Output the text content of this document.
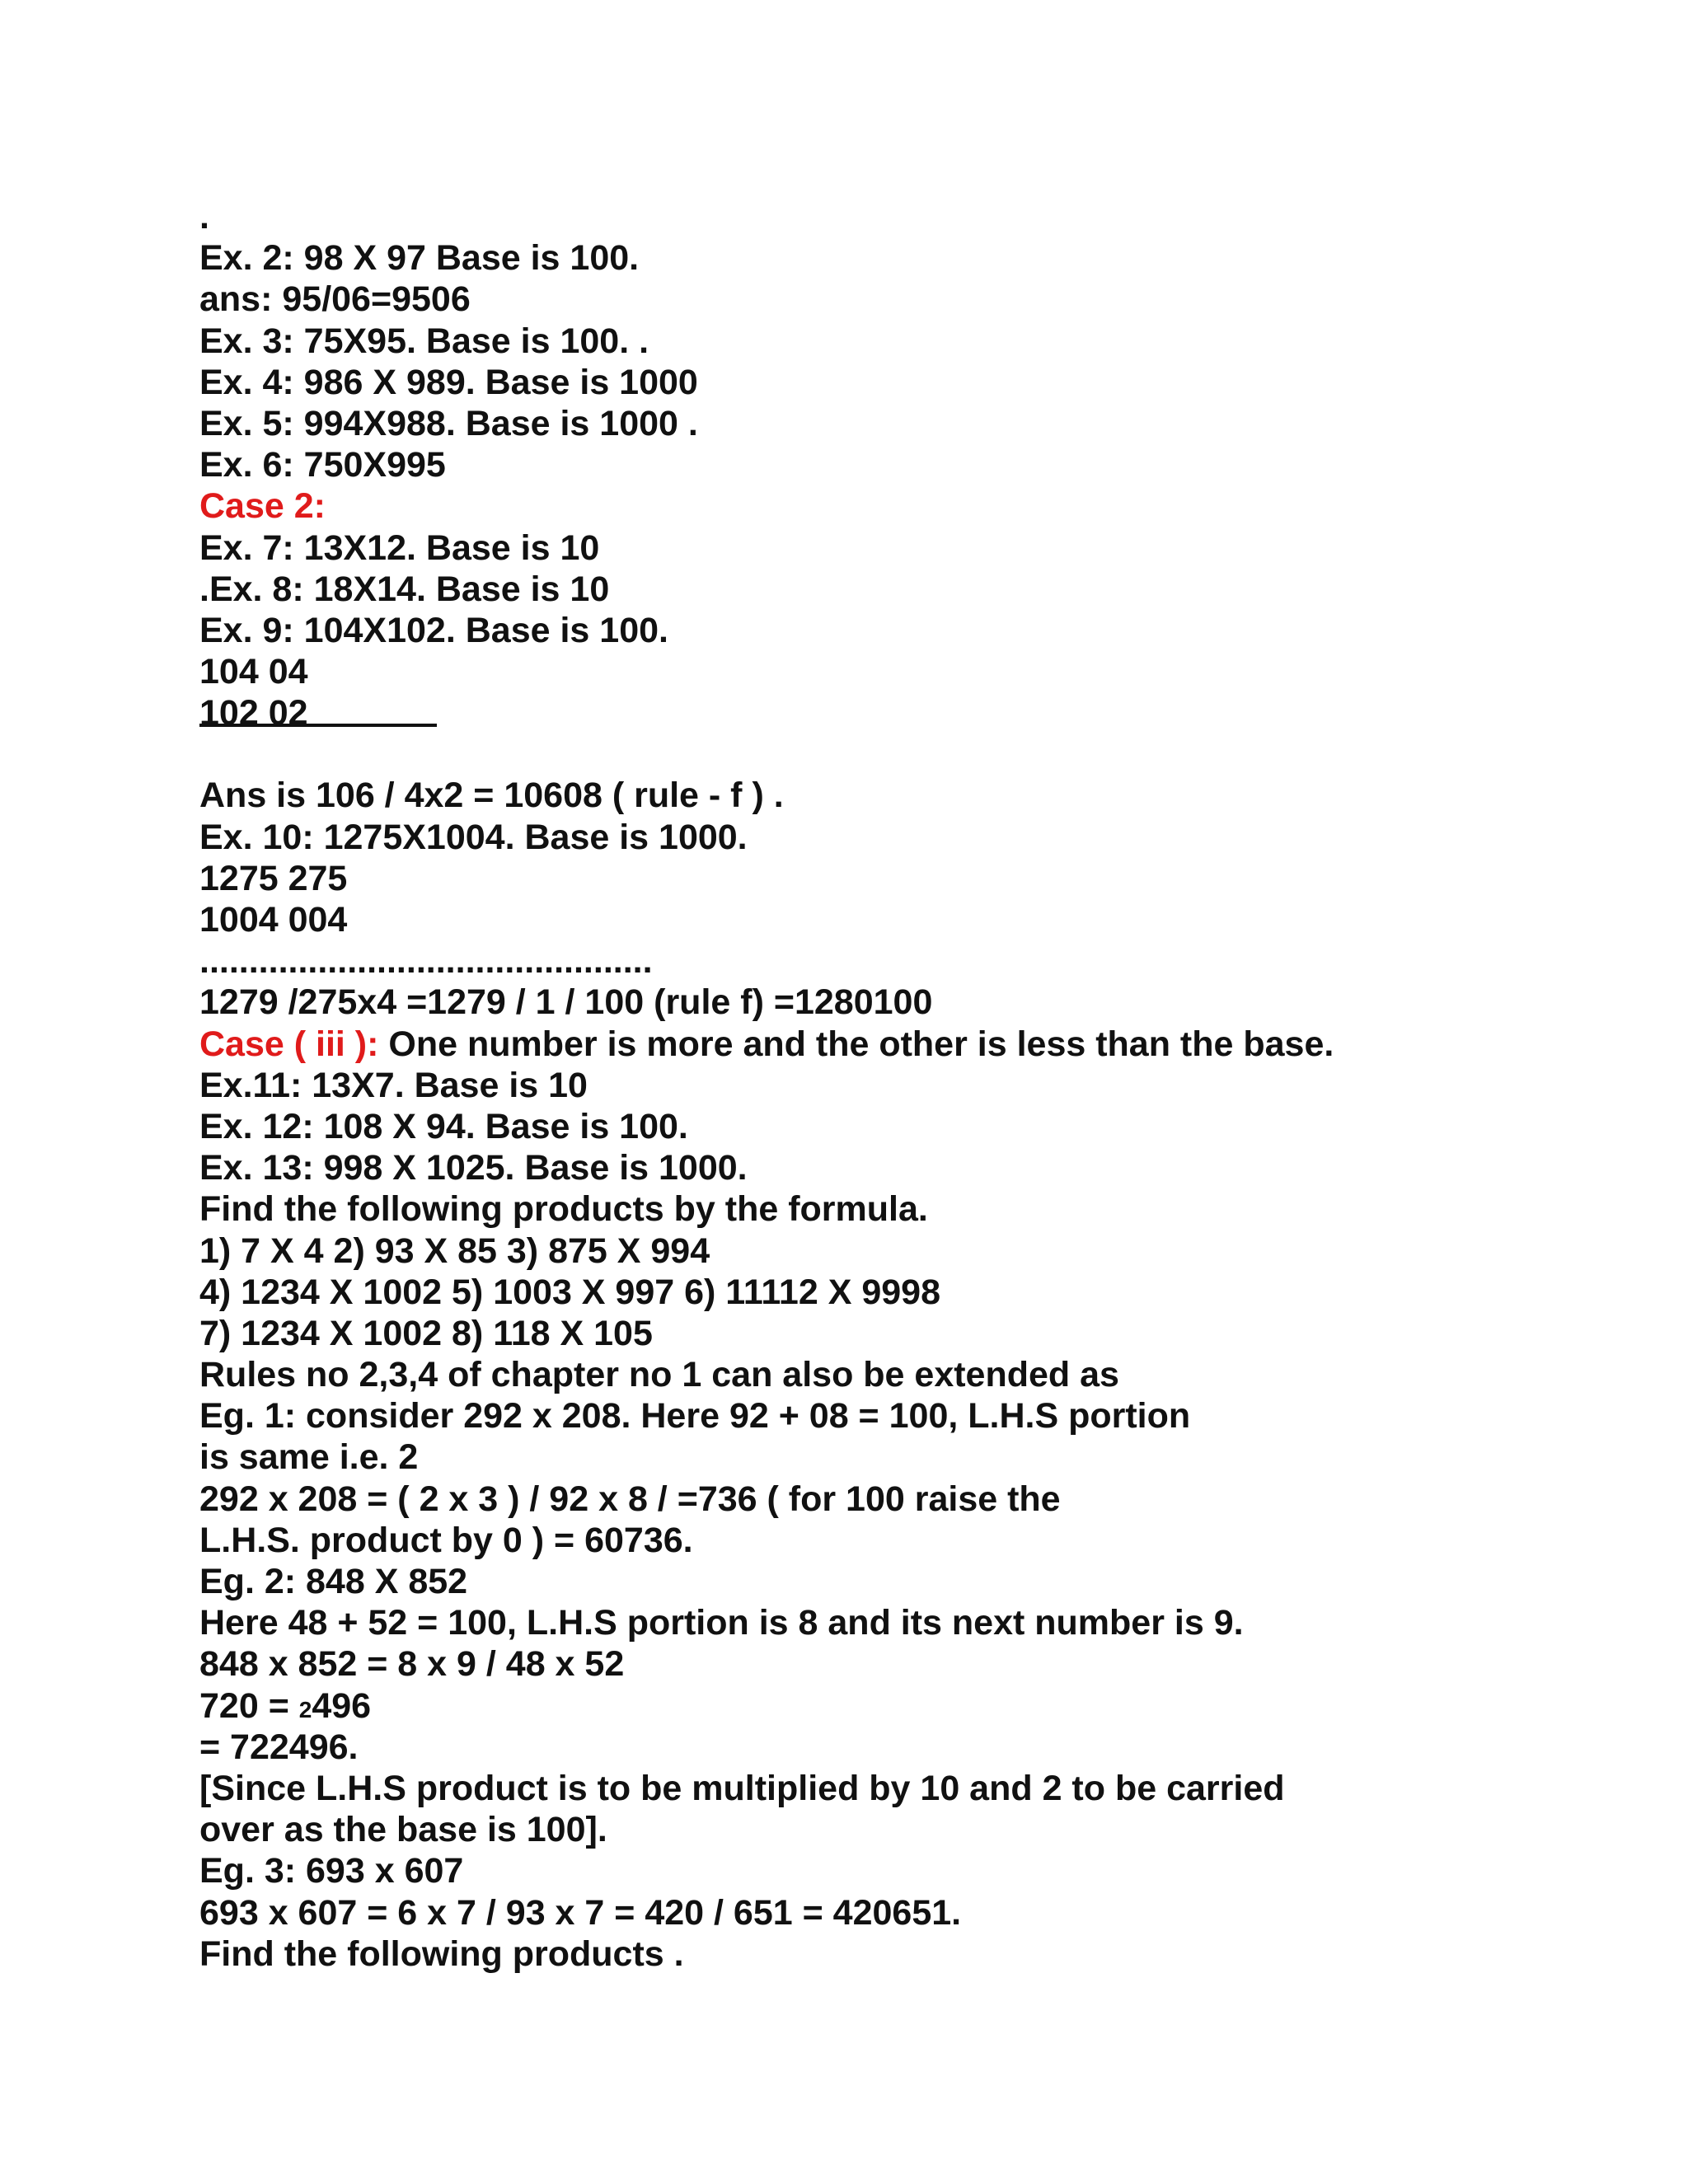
.
Ex. 2: 98 X 97 Base is 100.
ans: 95/06=9506
Ex. 3: 75X95. Base is 100. .
Ex. 4: 986 X 989. Base is 1000
Ex. 5: 994X988. Base is 1000 .
Ex. 6: 750X995
Case 2:
Ex. 7: 13X12. Base is 10
.Ex. 8: 18X14. Base is 10
Ex. 9: 104X102. Base is 100.
104 04
102 02
Ans is 106 / 4x2 = 10608 ( rule - f ) .
Ex. 10: 1275X1004. Base is 1000.
1275 275
1004 004
..............................................
1279 /275x4 =1279 / 1 / 100 (rule f) =1280100
Case ( iii ): One number is more and the other is less than the base.
Ex.11: 13X7. Base is 10
Ex. 12: 108 X 94. Base is 100.
Ex. 13: 998 X 1025. Base is 1000.
Find the following products by the formula.
1) 7 X 4 2) 93 X 85 3) 875 X 994
4) 1234 X 1002 5) 1003 X 997 6) 11112 X 9998
7) 1234 X 1002 8) 118 X 105
Rules no 2,3,4 of chapter no 1 can also be extended as
Eg. 1: consider 292 x 208. Here 92 + 08 = 100, L.H.S portion
is same i.e. 2
292 x 208 = ( 2 x 3 ) / 92 x 8 / =736 ( for 100 raise the
L.H.S. product by 0 ) = 60736.
Eg. 2: 848 X 852
Here 48 + 52 = 100, L.H.S portion is 8 and its next number is 9.
848 x 852 = 8 x 9 / 48 x 52
720 = 2496
= 722496.
[Since L.H.S product is to be multiplied by 10 and 2 to be carried
over as the base is 100].
Eg. 3: 693 x 607
693 x 607 = 6 x 7 / 93 x 7 = 420 / 651 = 420651.
Find the following products .
